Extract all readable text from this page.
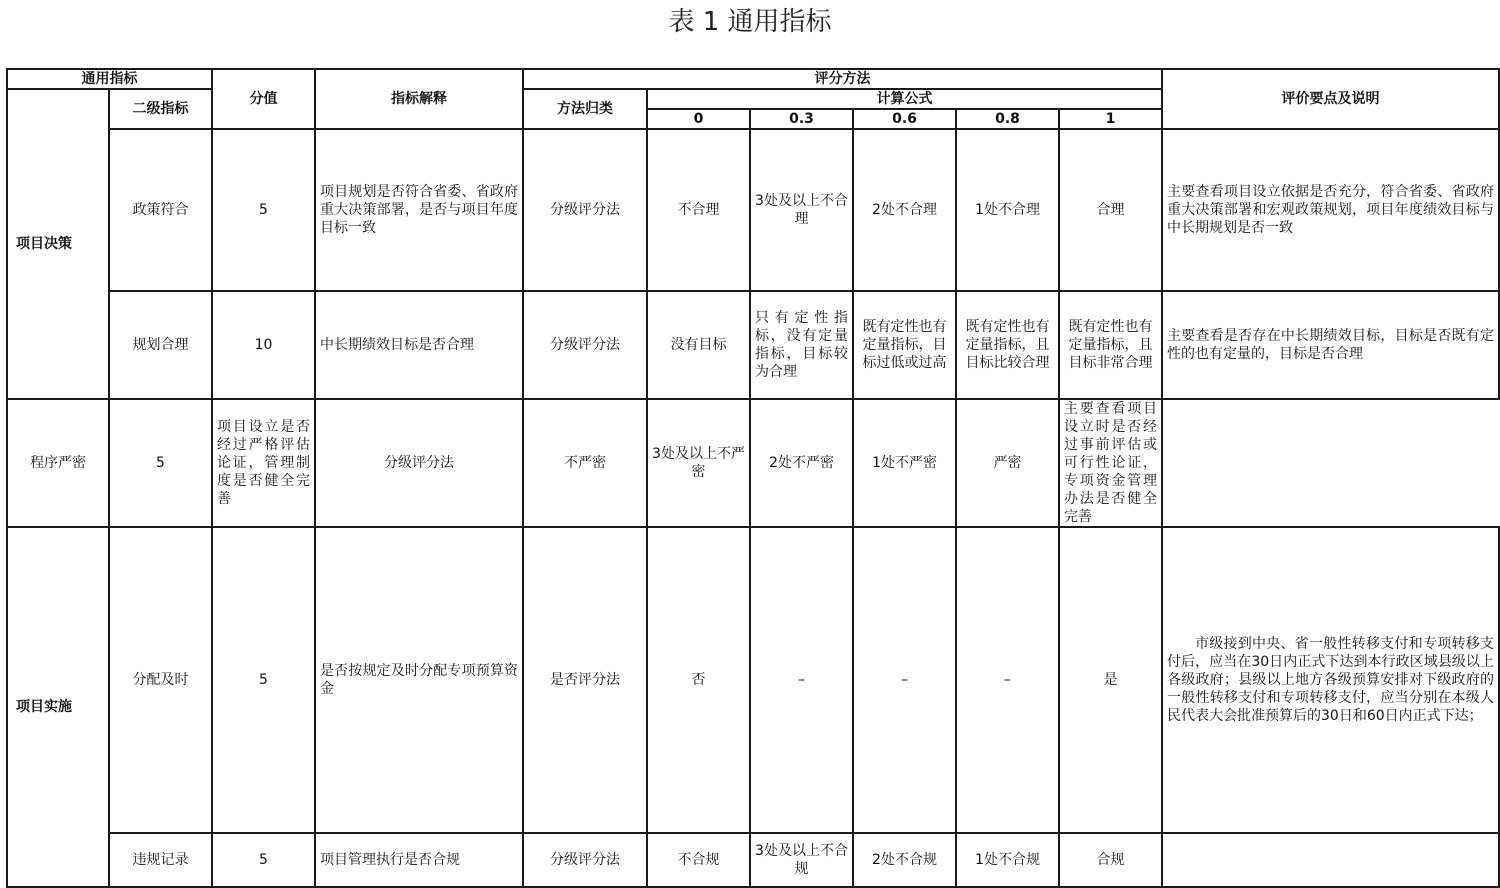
表 1 通用指标
通用指标		分值	指标解释	评分方法						评价要点及说明
项目决策	二级指标			方法归类	计算公式					
					0	0.3	0.6	0.8	1	
	政策符合	5	项目规划是否符合省委、省政府重大决策部署，是否与项目年度目标一致	分级评分法	不合理	3处及以上不合理	2处不合理	1处不合理	合理	主要查看项目设立依据是否充分，符合省委、省政府重大决策部署和宏观政策规划，项目年度绩效目标与中长期规划是否一致
	规划合理	10	中长期绩效目标是否合理	分级评分法	没有目标	只有定性指标，没有定量指标，目标较为合理	既有定性也有定量指标，目标过低或过高	既有定性也有定量指标，且目标比较合理	既有定性也有定量指标，且目标非常合理	主要查看是否存在中长期绩效目标，目标是否既有定性的也有定量的，目标是否合理
程序严密	5	项目设立是否经过严格评估论证，管理制度是否健全完善	分级评分法	不严密	3处及以上不严密	2处不严密	1处不严密	严密	主要查看项目设立时是否经过事前评估或可行性论证，专项资金管理办法是否健全完善	
项目实施	分配及时	5	是否按规定及时分配专项预算资金	是否评分法	否	–	–	–	是	市级接到中央、省一般性转移支付和专项转移支付后，应当在30日内正式下达到本行政区域县级以上各级政府；县级以上地方各级预算安排对下级政府的一般性转移支付和专项转移支付，应当分别在本级人民代表大会批准预算后的30日和60日内正式下达；
	违规记录	5	项目管理执行是否合规	分级评分法	不合规	3处及以上不合规	2处不合规	1处不合规	合规	
